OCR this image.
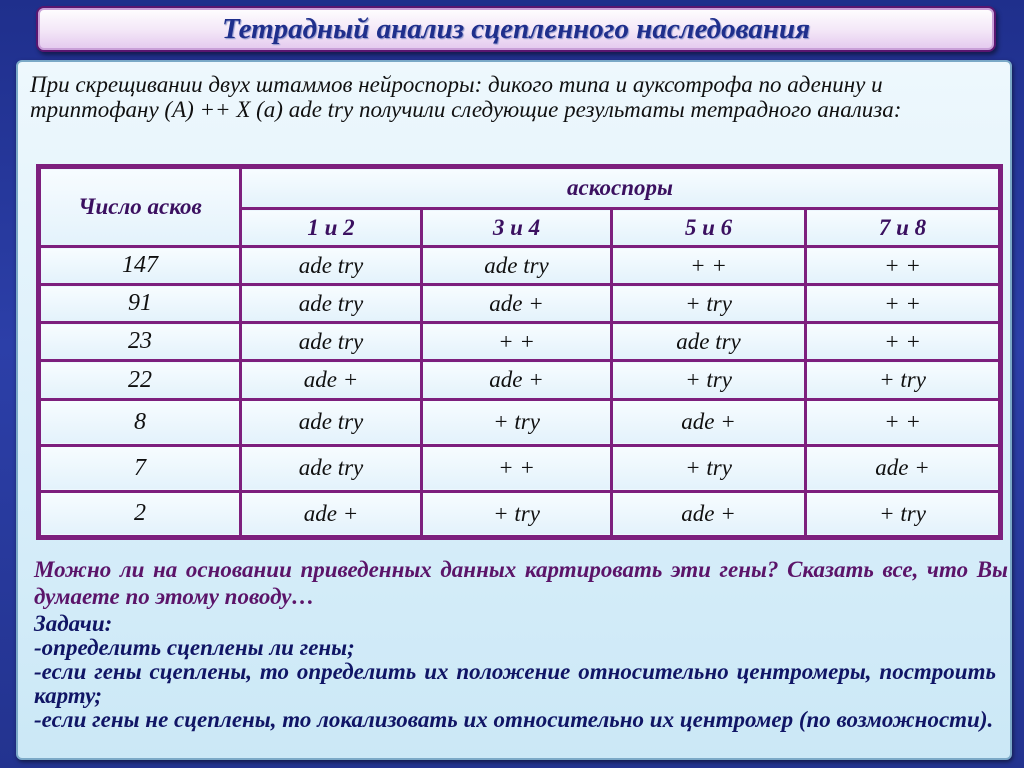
Тетрадный анализ сцепленного наследования

При скрещивании двух штаммов нейроспоры: дикого типа и ауксотрофа по аденину и триптофану (А) ++ X (a) ade try получили следующие результаты тетрадного анализа:

Число асков	аскоспоры			
	1 и 2	3 и 4	5 и 6	7 и 8
147	ade try	ade try	+ +	+ +
91	ade try	ade +	+ try	+ +
23	ade try	+ +	ade try	+ +
22	ade +	ade +	+ try	+ try
8	ade try	+ try	ade +	+ +
7	ade try	+ +	+ try	ade +
2	ade +	+ try	ade +	+ try

Можно ли на основании приведенных данных картировать эти гены? Сказать все, что Вы думаете по этому поводу…

Задачи:
-определить сцеплены ли гены;
-если гены сцеплены, то определить их положение относительно центромеры, построить карту;
-если гены не сцеплены, то локализовать их относительно их центромер (по возможности).
